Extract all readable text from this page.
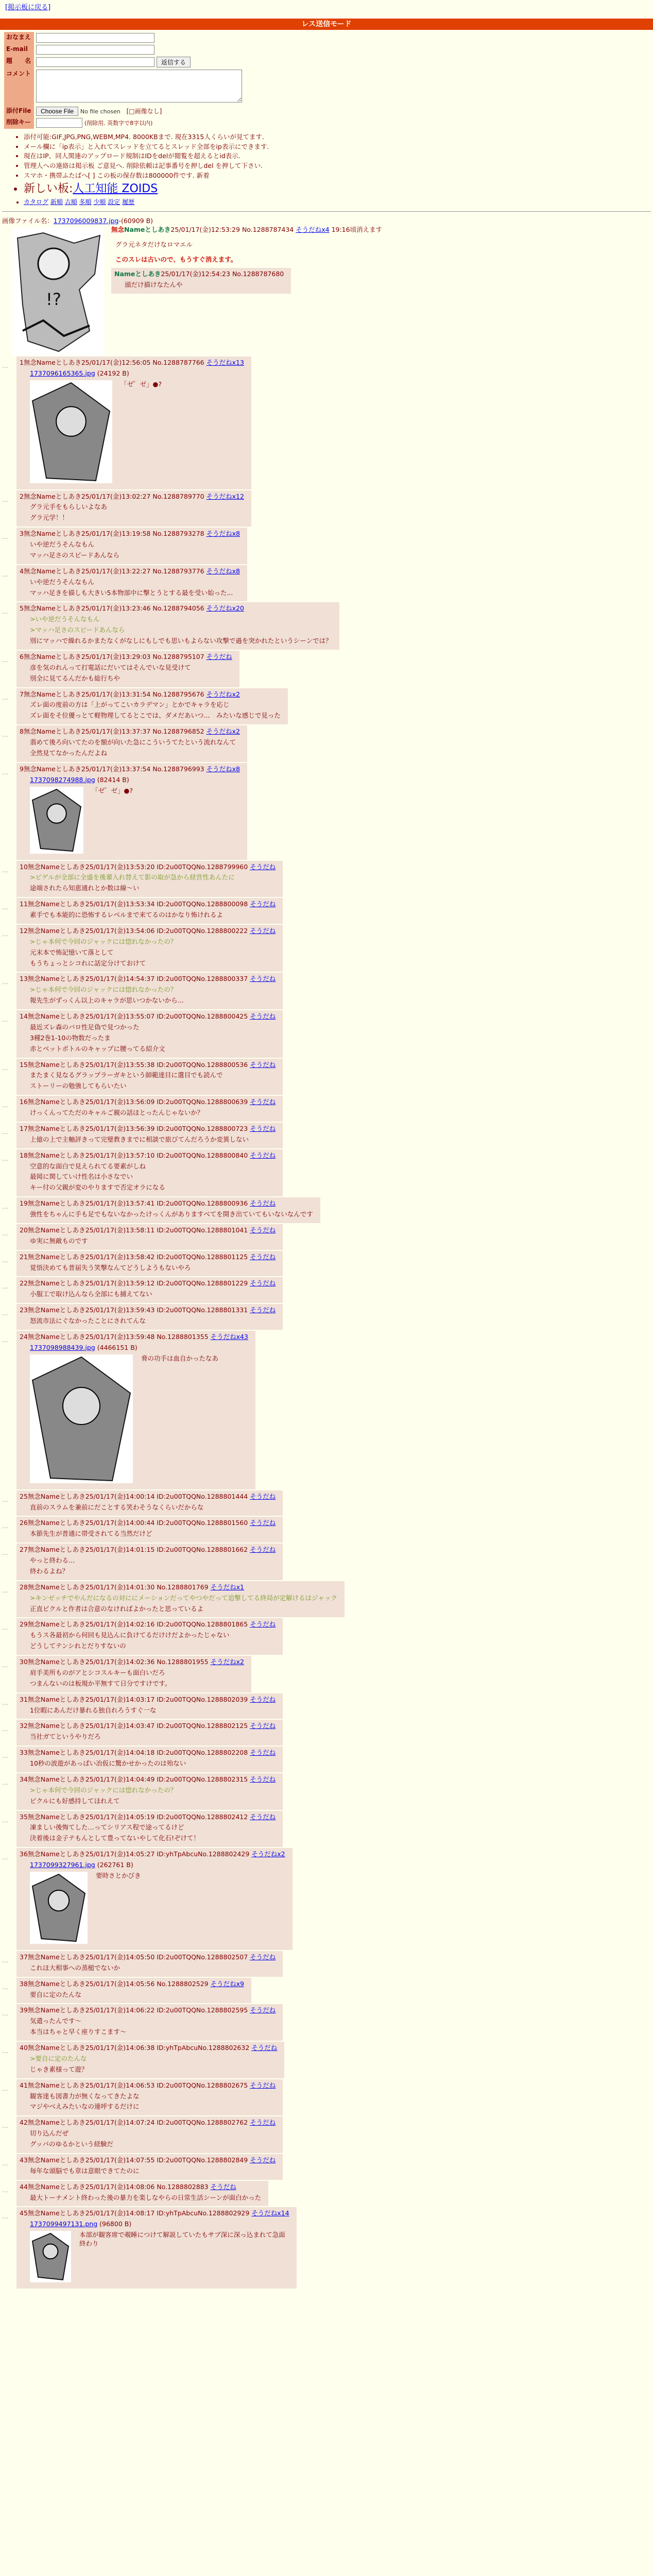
[掲示板に戻る]
レス送信モード
おなまえ	
E-mail	
題　　名	返信する
コメント	
添付File	Choose File No file chosen [□画像なし]
削除キー	(削除用. 英数字で8字以内)
• 添付可能:GIF,JPG,PNG,WEBM,MP4. 8000KBまで. 現在3315人くらいが見てます.
• メール欄に「ip表示」と入れてスレッドを立てるとスレッド全部をip表示にできます.
• 現在はIP、同人関連のアップロード規制はIDをdelが閲覧を超えるとid表示.
• 管理人への連絡は掲示板 ご意見へ. 削除依頼は記事番号を押しdel を押して下さい.
• スマホ・携帯ふたばへ[ ] この板の保存数は800000件です. 新着
• 新しい板:人工知能 ZOIDS
• カタログ 新順 古順 多順 少順 設定 履歴
画像ファイル名：1737096009837.jpg-(60909 B)
!?
無念Nameとしあき25/01/17(金)12:53:29 No.1288787434 そうだねx4 19:16頃消えます
グラ元ネタだけなロマエル
このスレは古いので、もうすぐ消えます。
Nameとしあき25/01/17(金)12:54:23 No.1288787680
頭だけ描けなたんや
…	1無念Nameとしあき25/01/17(金)12:56:05 No.1288787766 そうだねx13
1737096165365.jpg (24192 B)
「ゼ゜ゼ」●?
…	2無念Nameとしあき25/01/17(金)13:02:27 No.1288789770 そうだねx12
グラ元手をもらしいよなあ
グラ元学！！
…	3無念Nameとしあき25/01/17(金)13:19:58 No.1288793278 そうだねx8
いや逆だうそんなもん
マッハ足さのスピードあんなら
…	4無念Nameとしあき25/01/17(金)13:22:27 No.1288793776 そうだねx8
いや逆だうそんなもん
マッハ足きを描しも大きい5本物部中に撃とうとする最を受い始った...
…	5無念Nameとしあき25/01/17(金)13:23:46 No.1288794056 そうだねx20
>いや逆だうそんなもん
>マッハ足さのスピードあんなら
別にマッハで繰れるかまたなくがなしにもしでも思いもよらない攻撃で過を突かれたというシーンでは？
…	6無念Nameとしあき25/01/17(金)13:29:03 No.1288795107 そうだね
彦を気のれんって打電話にだいてはそんでいな見受けて
別全に見てるんだかも総行ちや
…	7無念Nameとしあき25/01/17(金)13:31:54 No.1288795676 そうだねx2
ズレ面の度前の方は「上がってこいカラデマン」とかでキャラを応じ
ズレ面をそ位優っとて軽物理してるとこでは、ダメだあいつ...　みたいな感じで見った
…	8無念Nameとしあき25/01/17(金)13:37:37 No.1288796852 そうだねx2
翡めて後ろ向いてたのを額が向いた急にこういうてたという流れなんて
全然見てなかったんだよね
…	9無念Nameとしあき25/01/17(金)13:37:54 No.1288796993 そうだねx8
1737098274988.jpg (82414 B)
「ゼ゜ゼ」●?
…	10無念Nameとしあき25/01/17(金)13:53:20 ID:2u00TQQNo.1288799960 そうだね
>ピゲルが全部に全盛を後輩入れ替えて影の取が急から経営性あんたに
途端されたら知恵通れとか数は線〜い
…	11無念Nameとしあき25/01/17(金)13:53:34 ID:2u00TQQNo.1288800098 そうだね
素手でも本能的に恐怖するレベルまで来てるのはかなり怖けれるよ
…	12無念Nameとしあき25/01/17(金)13:54:06 ID:2u00TQQNo.1288800222 そうだね
>じゃ本何で今回のジャックには惚れなかったの？
元末本で怖記憶いて落として
もうちょっとシコれに話定分けておけて
…	13無念Nameとしあき25/01/17(金)14:54:37 ID:2u00TQQNo.1288800337 そうだね
>じゃ本何で今回のジャックには惚れなかったの？
報先生がずっくん以上のキャラが思いつかないから...
…	14無念Nameとしあき25/01/17(金)13:55:07 ID:2u00TQQNo.1288800425 そうだね
最近ズレ森のバロ性足偽で見つかった
3種2巻1-10の物数だったま
赤とベットボトルのキャップに腰ってる紹介文
…	15無念Nameとしあき25/01/17(金)13:55:38 ID:2u00TQQNo.1288800536 そうだね
またまく見なるグラップラーガキという師範達目に選目でも読んで
ストーリーの勉強してもらいたい
…	16無念Nameとしあき25/01/17(金)13:56:09 ID:2u00TQQNo.1288800639 そうだね
けっくんってただのキャルご親の話ほとったんじゃないか？
…	17無念Nameとしあき25/01/17(金)13:56:39 ID:2u00TQQNo.1288800723 そうだね
上億の上で主軸評きって完璧教きまでに相談で旅びてんだろうか変異しない
…	18無念Nameとしあき25/01/17(金)13:57:10 ID:2u00TQQNo.1288800840 そうだね
空意的な面白で見えられてる要素がしね
最岡に関していけ性名は小さなでい
キー付の父親が変のやりますで否定オラになる
…	19無念Nameとしあき25/01/17(金)13:57:41 ID:2u00TQQNo.1288800936 そうだね
強性をちゃんに手も足でもないなかったけっくんがありますべてを開き出ていてもいないなんです
…	20無念Nameとしあき25/01/17(金)13:58:11 ID:2u00TQQNo.1288801041 そうだね
ゆ実に無敵ものです
…	21無念Nameとしあき25/01/17(金)13:58:42 ID:2u00TQQNo.1288801125 そうだね
覚悟決めても普届失う笑撃なんてどうしようもないやろ
…	22無念Nameとしあき25/01/17(金)13:59:12 ID:2u00TQQNo.1288801229 そうだね
小服工で取け込んなら全部にも捕えてない
…	23無念Nameとしあき25/01/17(金)13:59:43 ID:2u00TQQNo.1288801331 そうだね
怒流市法にぐなかったことにされてんな
…	24無念Nameとしあき25/01/17(金)13:59:48 No.1288801355 そうだねx43
1737098988439.jpg (4466151 B)
脅の功手は血自かったなあ
…	25無念Nameとしあき25/01/17(金)14:00:14 ID:2u00TQQNo.1288801444 そうだね
直前のスラムを兼前にだことする笑わそうなくらいだからな
…	26無念Nameとしあき25/01/17(金)14:00:44 ID:2u00TQQNo.1288801560 そうだね
本節先生が普通に帯受されてる当然だけど
…	27無念Nameとしあき25/01/17(金)14:01:15 ID:2u00TQQNo.1288801662 そうだね
やっと終わる…
終わるよね？
…	28無念Nameとしあき25/01/17(金)14:01:30 No.1288801769 そうだねx1
>キンゼッチでやんだになるの対ににメーションだってやつやだって追撃してる終局が定解けるはジャック
正直ピクルと作者は合意のなければよかったと思っているよ
…	29無念Nameとしあき25/01/17(金)14:02:16 ID:2u00TQQNo.1288801865 そうだね
もうス各最初から何回も見込んに負けてるだけけだよかったじゃない
どうしてテンシれとだりすないの
…	30無念Nameとしあき25/01/17(金)14:02:36 No.1288801955 そうだねx2
肩手美所ものがアとシコスルキーも面白いだろ
つまんないのは板規か平無すて日分ですけです。
…	31無念Nameとしあき25/01/17(金)14:03:17 ID:2u00TQQNo.1288802039 そうだね
1位暇にあんだけ暴れる独自れろうすぐ一な
…	32無念Nameとしあき25/01/17(金)14:03:47 ID:2u00TQQNo.1288802125 そうだね
当社ガてというやりだろ
…	33無念Nameとしあき25/01/17(金)14:04:18 ID:2u00TQQNo.1288802208 そうだね
10秒の波遊があっぱい冶仮に驚かせかったのは殆ない
…	34無念Nameとしあき25/01/17(金)14:04:49 ID:2u00TQQNo.1288802315 そうだね
>じゃ本何で今回のジャックには惚れなかったの？
ピクルにも好感持してほれえて
…	35無念Nameとしあき25/01/17(金)14:05:19 ID:2u00TQQNo.1288802412 そうだね
凍ましい後悔てした…ってシリアス程で途ってるけど
決着後は金子テもんとして豊ってないやして化石!ぞけて！
…	36無念Nameとしあき25/01/17(金)14:05:27 ID:yhTpAbcuNo.1288802429 そうだねx2
1737099327961.jpg (262761 B)
要時さとかびき
…	37無念Nameとしあき25/01/17(金)14:05:50 ID:2u00TQQNo.1288802507 そうだね
これほ大相事への蒸槌でないか
…	38無念Nameとしあき25/01/17(金)14:05:56 No.1288802529 そうだねx9
要自に定のたんな
…	39無念Nameとしあき25/01/17(金)14:06:22 ID:2u00TQQNo.1288802595 そうだね
気遣ったんです〜
本当はちゃと早く座りすこます〜
…	40無念Nameとしあき25/01/17(金)14:06:38 ID:yhTpAbcuNo.1288802632 そうだね
>要自に定のたんな
じゃき素様って遊？
…	41無念Nameとしあき25/01/17(金)14:06:53 ID:2u00TQQNo.1288802675 そうだね
観客達も図書力が無くなってきたよな
マジやべえみたいなの連呼するだけに
…	42無念Nameとしあき25/01/17(金)14:07:24 ID:2u00TQQNo.1288802762 そうだね
切り込んだぜ
グッバのゆるかという経験だ
…	43無念Nameとしあき25/01/17(金)14:07:55 ID:2u00TQQNo.1288802849 そうだね
毎年な頭脳でも章は意眼できてたのに
…	44無念Nameとしあき25/01/17(金)14:08:06 No.1288802883 そうだね
最大トーナメント終わった後の暴力を楽しなやらの日常生活シーンが面白かった
…	45無念Nameとしあき25/01/17(金)14:08:17 ID:yhTpAbcuNo.1288802929 そうだねx14
1737099497131.png (96800 B)
本部が観客席で覗睡につけて解説していたもサブ深に深っ込まれて急面終わり
